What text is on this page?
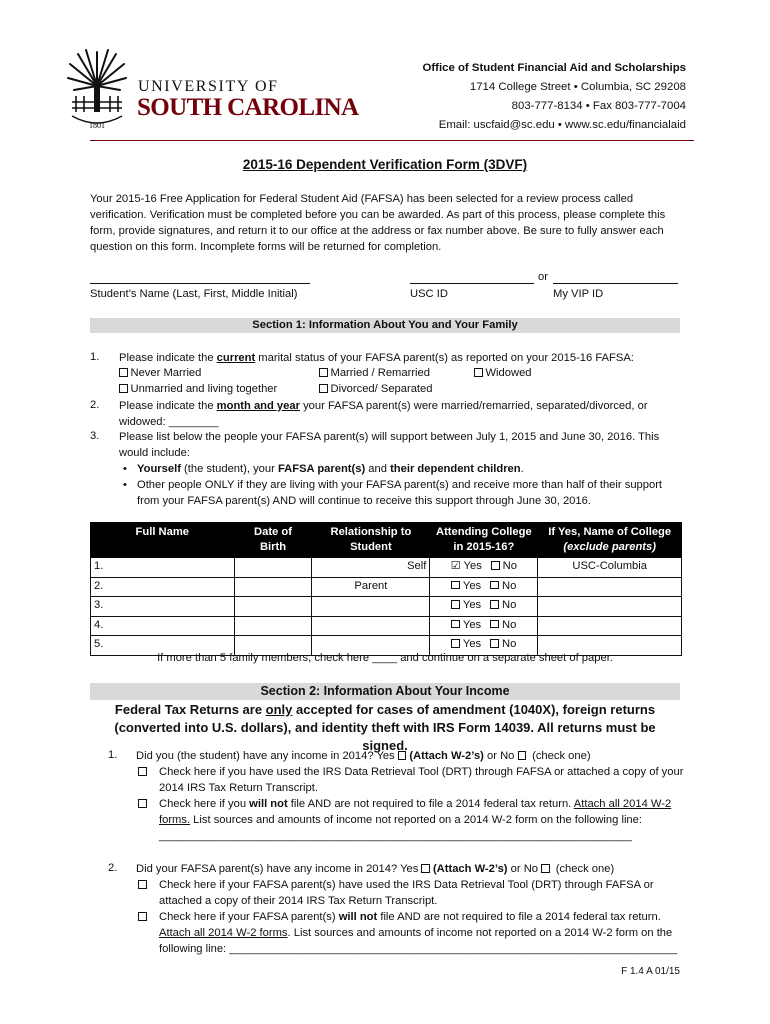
1801
UNIVERSITY OF
SOUTH CAROLINA
Office of Student Financial Aid and Scholarships
1714 College Street • Columbia, SC 29208
803-777-8134 • Fax 803-777-7004
Email: uscfaid@sc.edu • www.sc.edu/financialaid
2015-16 Dependent Verification Form (3DVF)
Your 2015-16 Free Application for Federal Student Aid (FAFSA) has been selected for a review process called verification. Verification must be completed before you can be awarded. As part of this process, please complete this form, provide signatures, and return it to our office at the address or fax number above. Be sure to fully answer each question on this form. Incomplete forms will be returned for completion.
or
Student’s Name (Last, First, Middle Initial)	USC ID	My VIP ID
Section 1: Information About You and Your Family
1. Please indicate the current marital status of your FAFSA parent(s) as reported on your 2015-16 FAFSA:
Never Married	Married / Remarried	Widowed
Unmarried and living together	Divorced/ Separated
2. Please indicate the month and year your FAFSA parent(s) were married/remarried, separated/divorced, or
widowed: ________
3. Please list below the people your FAFSA parent(s) will support between July 1, 2015 and June 30, 2016. This would include:
• Yourself (the student), your FAFSA parent(s) and their dependent children.
• Other people ONLY if they are living with your FAFSA parent(s) and receive more than half of their support from your FAFSA parent(s) AND will continue to receive this support through June 30, 2016.
Full Name	Date of Birth	Relationship to Student	Attending College in 2015-16?	If Yes, Name of College
(exclude parents)
1.		Self	☑ Yes No	USC-Columbia
2.		Parent	Yes No	
3.			Yes No	
4.			Yes No	
5.			Yes No	
If more than 5 family members, check here ____ and continue on a separate sheet of paper.
Section 2: Information About Your Income
Federal Tax Returns are only accepted for cases of amendment (1040X), foreign returns (converted into U.S. dollars), and identity theft with IRS Form 14039. All returns must be signed.
1. Did you (the student) have any income in 2014? Yes (Attach W-2’s) or No  (check one)
Check here if you have used the IRS Data Retrieval Tool (DRT) through FAFSA or attached a copy of your 2014 IRS Tax Return Transcript.
Check here if you will not file AND are not required to file a 2014 federal tax return. Attach all 2014 W-2 forms. List sources and amounts of income not reported on a 2014 W-2 form on the following line: ____________________________________________________________________________
2. Did your FAFSA parent(s) have any income in 2014? Yes (Attach W-2’s) or No  (check one)
Check here if your FAFSA parent(s) have used the IRS Data Retrieval Tool (DRT) through FAFSA or attached a copy of their 2014 IRS Tax Return Transcript.
Check here if your FAFSA parent(s) will not file AND are not required to file a 2014 federal tax return. Attach all 2014 W-2 forms. List sources and amounts of income not reported on a 2014 W-2 form on the following line: ________________________________________________________________________
F 1.4 A 01/15
